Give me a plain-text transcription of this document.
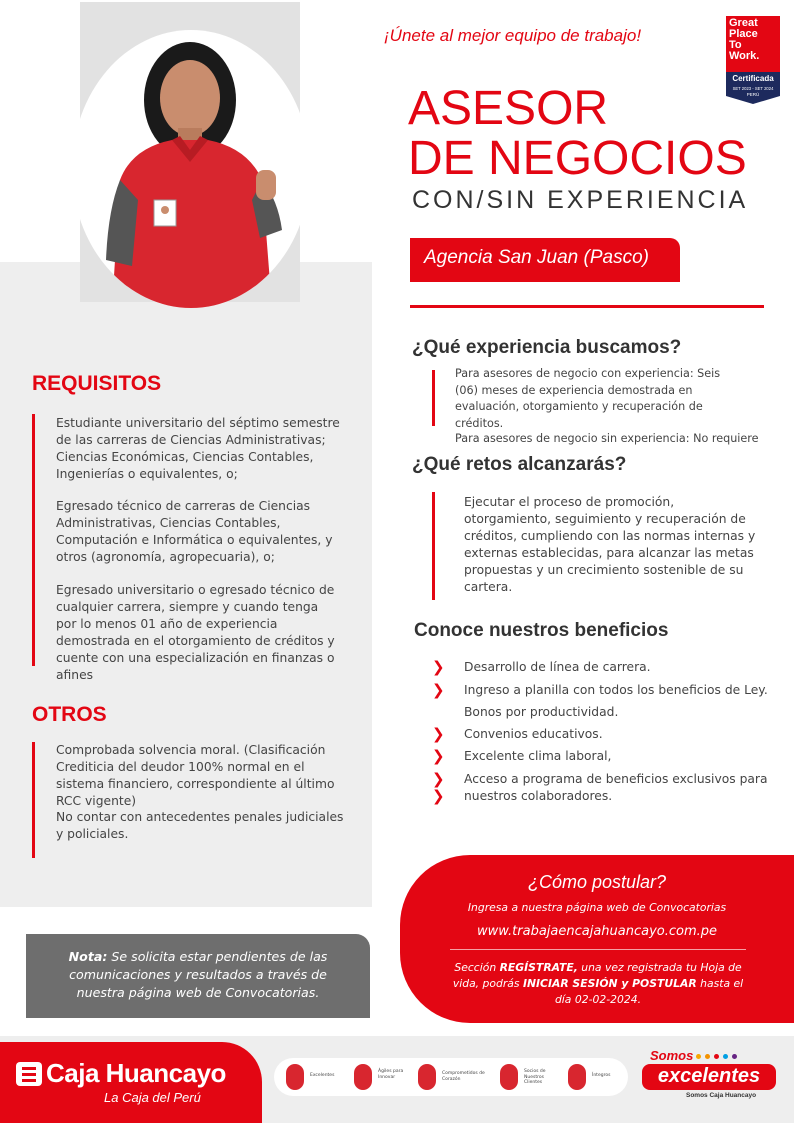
¡Únete al mejor equipo de trabajo!
Great
Place
To
Work.
Certificada
SET 2023 - SET 2024
PERÚ
ASESOR
DE NEGOCIOS
CON/SIN EXPERIENCIA
Agencia San Juan (Pasco)
REQUISITOS
Estudiante universitario del séptimo semestre de las carreras de Ciencias Administrativas; Ciencias Económicas, Ciencias Contables, Ingenierías o equivalentes, o;
Egresado técnico de carreras de Ciencias Administrativas, Ciencias Contables, Computación e Informática o equivalentes, y otros (agronomía, agropecuaria), o;
Egresado universitario o egresado técnico de cualquier carrera, siempre y cuando tenga por lo menos 01 año de experiencia demostrada en el otorgamiento de créditos y cuente con una especialización en finanzas o afines
OTROS
Comprobada solvencia moral. (Clasificación Crediticia del deudor 100% normal en el sistema financiero, correspondiente al último RCC vigente)
No contar con antecedentes penales judiciales y policiales.
Nota: Se solicita estar pendientes de las comunicaciones y resultados a través de nuestra página web de Convocatorias.
¿Qué experiencia buscamos?
Para asesores de negocio con experiencia: Seis (06) meses de experiencia demostrada en evaluación, otorgamiento y recuperación de créditos.
Para asesores de negocio sin experiencia: No requiere
¿Qué retos alcanzarás?
Ejecutar el proceso de promoción, otorgamiento, seguimiento y recuperación de créditos, cumpliendo con las normas internas y externas establecidas, para alcanzar las metas propuestas y un crecimiento sostenible de su cartera.
Conoce nuestros beneficios
❯ Desarrollo de línea de carrera.
❯ Ingreso a planilla con todos los beneficios de Ley.
Bonos por productividad.
❯ Convenios educativos.
❯ Excelente clima laboral,
❯ Acceso a programa de beneficios exclusivos para
❯ nuestros colaboradores.
¿Cómo postular?
Ingresa a nuestra página web de Convocatorias
www.trabajaencajahuancayo.com.pe
Sección REGÍSTRATE, una vez registrada tu Hoja de vida, podrás INICIAR SESIÓN y POSTULAR hasta el día 02-02-2024.
Caja Huancayo
La Caja del Perú
Excelentes
Ágiles para Innovar
Comprometidos de Corazón
Socios de Nuestros Clientes
Íntegros
Somos
excelentes
Somos Caja Huancayo
